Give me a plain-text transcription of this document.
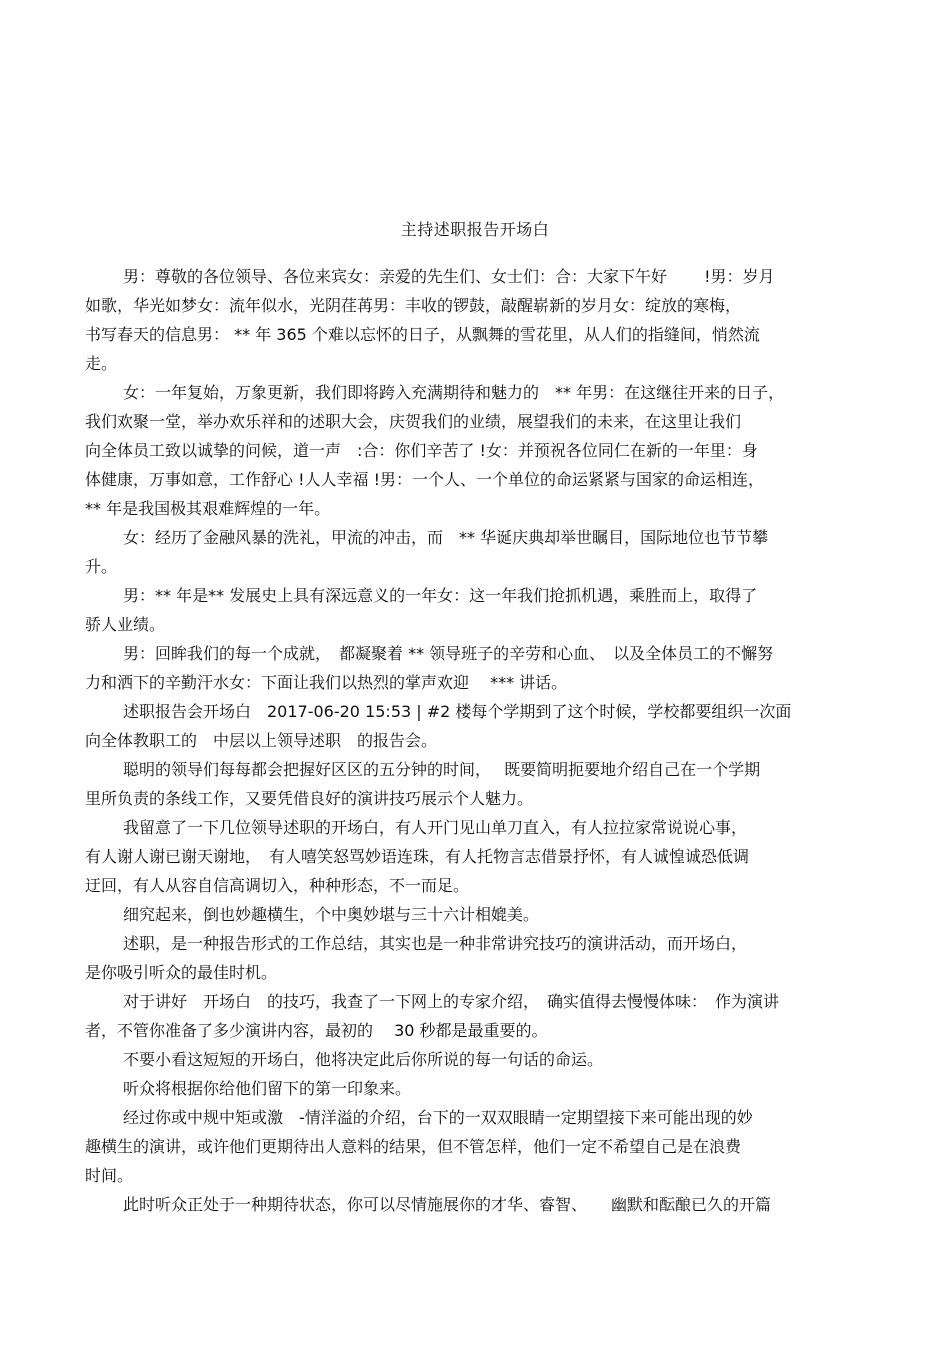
主持述职报告开场白
男：尊敬的各位领导、各位来宾女：亲爱的先生们、女士们：合：大家下午好　　 !男：岁月
如歌，华光如梦女：流年似水，光阴荏苒男：丰收的锣鼓，敲醒崭新的岁月女：绽放的寒梅，
书写春天的信息男： ** 年 365 个难以忘怀的日子，从飘舞的雪花里，从人们的指缝间，悄然流
走。
女：一年复始，万象更新，我们即将跨入充满期待和魅力的　** 年男：在这继往开来的日子，
我们欢聚一堂，举办欢乐祥和的述职大会，庆贺我们的业绩，展望我们的未来，在这里让我们
向全体员工致以诚挚的问候，道一声　:合：你们辛苦了 !女：并预祝各位同仁在新的一年里：身
体健康，万事如意，工作舒心 !人人幸福 !男：一个人、一个单位的命运紧紧与国家的命运相连，
** 年是我国极其艰难辉煌的一年。
女：经历了金融风暴的洗礼，甲流的冲击，而　** 华诞庆典却举世瞩目，国际地位也节节攀
升。
男：** 年是** 发展史上具有深远意义的一年女：这一年我们抢抓机遇，乘胜而上，取得了
骄人业绩。
男：回眸我们的每一个成就，　都凝聚着 ** 领导班子的辛劳和心血、　以及全体员工的不懈努
力和洒下的辛勤汗水女：下面让我们以热烈的掌声欢迎　 *** 讲话。
述职报告会开场白　2017-06-20 15:53 | #2 楼每个学期到了这个时候，学校都要组织一次面
向全体教职工的　中层以上领导述职　的报告会。
聪明的领导们每每都会把握好区区的五分钟的时间，　 既要简明扼要地介绍自己在一个学期
里所负责的条线工作，又要凭借良好的演讲技巧展示个人魅力。
我留意了一下几位领导述职的开场白，有人开门见山单刀直入，有人拉拉家常说说心事，
有人谢人谢已谢天谢地，　有人嘻笑怒骂妙语连珠，有人托物言志借景抒怀，有人诚惶诚恐低调
迂回，有人从容自信高调切入，种种形态，不一而足。
细究起来，倒也妙趣横生，个中奥妙堪与三十六计相媲美。
述职，是一种报告形式的工作总结，其实也是一种非常讲究技巧的演讲活动，而开场白，
是你吸引听众的最佳时机。
对于讲好　开场白　的技巧，我查了一下网上的专家介绍，　确实值得去慢慢体味：　作为演讲
者，不管你准备了多少演讲内容，最初的　 30 秒都是最重要的。
不要小看这短短的开场白，他将决定此后你所说的每一句话的命运。
听众将根据你给他们留下的第一印象来。
经过你或中规中矩或激　-情洋溢的介绍，台下的一双双眼睛一定期望接下来可能出现的妙
趣横生的演讲，或许他们更期待出人意料的结果，但不管怎样，他们一定不希望自己是在浪费
时间。
此时听众正处于一种期待状态，你可以尽情施展你的才华、睿智、　　幽默和酝酿已久的开篇
